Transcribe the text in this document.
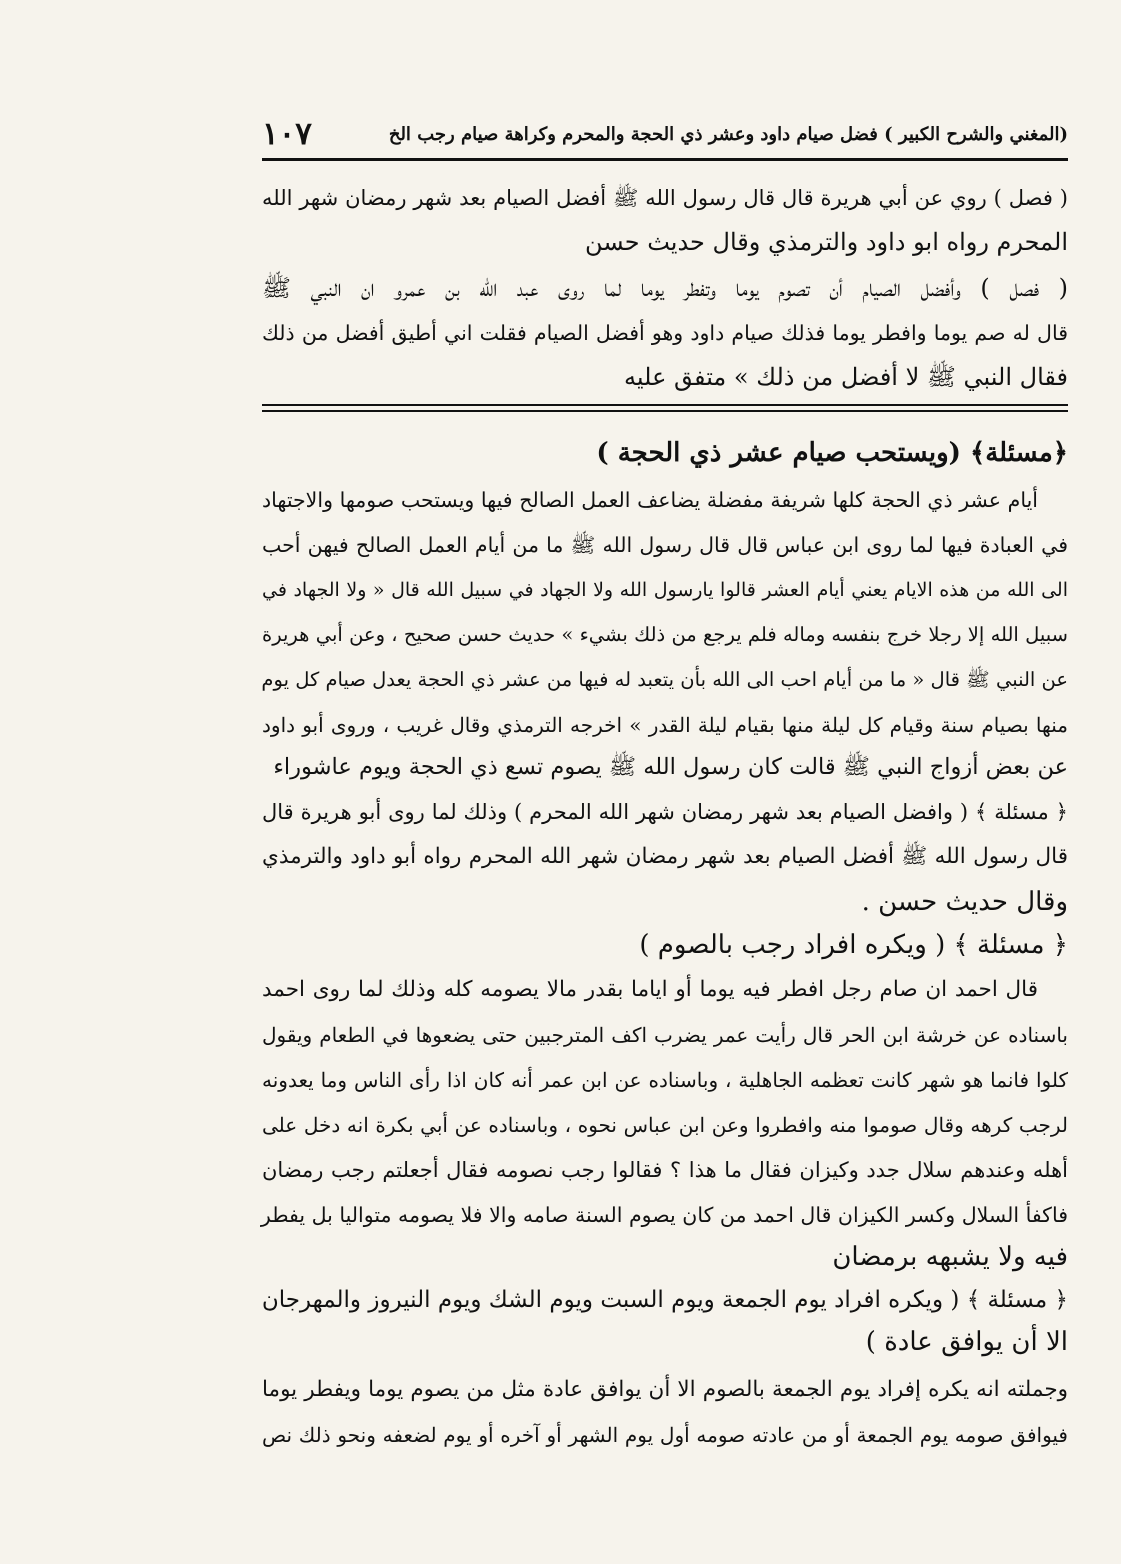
(المغني والشرح الكبير ) فضل صيام داود وعشر ذي الحجة والمحرم وكراهة صيام رجب الخ
١٠٧
( فصل ) روي عن أبي هريرة قال قال رسول الله ﷺ أفضل الصيام بعد شهر رمضان شهر الله
المحرم رواه ابو داود والترمذي وقال حديث حسن
( فصل ) وأفضل الصيام أن تصوم يوما وتفطر يوما لما روى عبد الله بن عمرو ان النبي ﷺ
قال له صم يوما وافطر يوما فذلك صيام داود وهو أفضل الصيام فقلت اني أطيق أفضل من ذلك
فقال النبي ﷺ لا أفضل من ذلك » متفق عليه
﴿مسئلة﴾ (ويستحب صيام عشر ذي الحجة )
أيام عشر ذي الحجة كلها شريفة مفضلة يضاعف العمل الصالح فيها ويستحب صومها والاجتهاد
في العبادة فيها لما روى ابن عباس قال قال رسول الله ﷺ ما من أيام العمل الصالح فيهن أحب
الى الله من هذه الايام يعني أيام العشر قالوا يارسول الله ولا الجهاد في سبيل الله قال « ولا الجهاد في
سبيل الله إلا رجلا خرج بنفسه وماله فلم يرجع من ذلك بشيء » حديث حسن صحيح ، وعن أبي هريرة
عن النبي ﷺ قال « ما من أيام احب الى الله بأن يتعبد له فيها من عشر ذي الحجة يعدل صيام كل يوم
منها بصيام سنة وقيام كل ليلة منها بقيام ليلة القدر » اخرجه الترمذي وقال غريب ، وروى أبو داود
عن بعض أزواج النبي ﷺ قالت كان رسول الله ﷺ يصوم تسع ذي الحجة ويوم عاشوراء
﴿ مسئلة ﴾ ( وافضل الصيام بعد شهر رمضان شهر الله المحرم ) وذلك لما روى أبو هريرة قال
قال رسول الله ﷺ أفضل الصيام بعد شهر رمضان شهر الله المحرم رواه أبو داود والترمذي
وقال حديث حسن .
﴿ مسئلة ﴾ ( ويكره افراد رجب بالصوم )
قال احمد ان صام رجل افطر فيه يوما أو اياما بقدر مالا يصومه كله وذلك لما روى احمد
باسناده عن خرشة ابن الحر قال رأيت عمر يضرب اكف المترجبين حتى يضعوها في الطعام ويقول
كلوا فانما هو شهر كانت تعظمه الجاهلية ، وباسناده عن ابن عمر أنه كان اذا رأى الناس وما يعدونه
لرجب كرهه وقال صوموا منه وافطروا وعن ابن عباس نحوه ، وباسناده عن أبي بكرة انه دخل على
أهله وعندهم سلال جدد وكيزان فقال ما هذا ؟ فقالوا رجب نصومه فقال أجعلتم رجب رمضان
فاكفأ السلال وكسر الكيزان قال احمد من كان يصوم السنة صامه والا فلا يصومه متواليا بل يفطر
فيه ولا يشبهه برمضان
﴿ مسئلة ﴾ ( ويكره افراد يوم الجمعة ويوم السبت ويوم الشك ويوم النيروز والمهرجان
الا أن يوافق عادة )
وجملته انه يكره إفراد يوم الجمعة بالصوم الا أن يوافق عادة مثل من يصوم يوما ويفطر يوما
فيوافق صومه يوم الجمعة أو من عادته صومه أول يوم الشهر أو آخره أو يوم لضعفه ونحو ذلك نص
